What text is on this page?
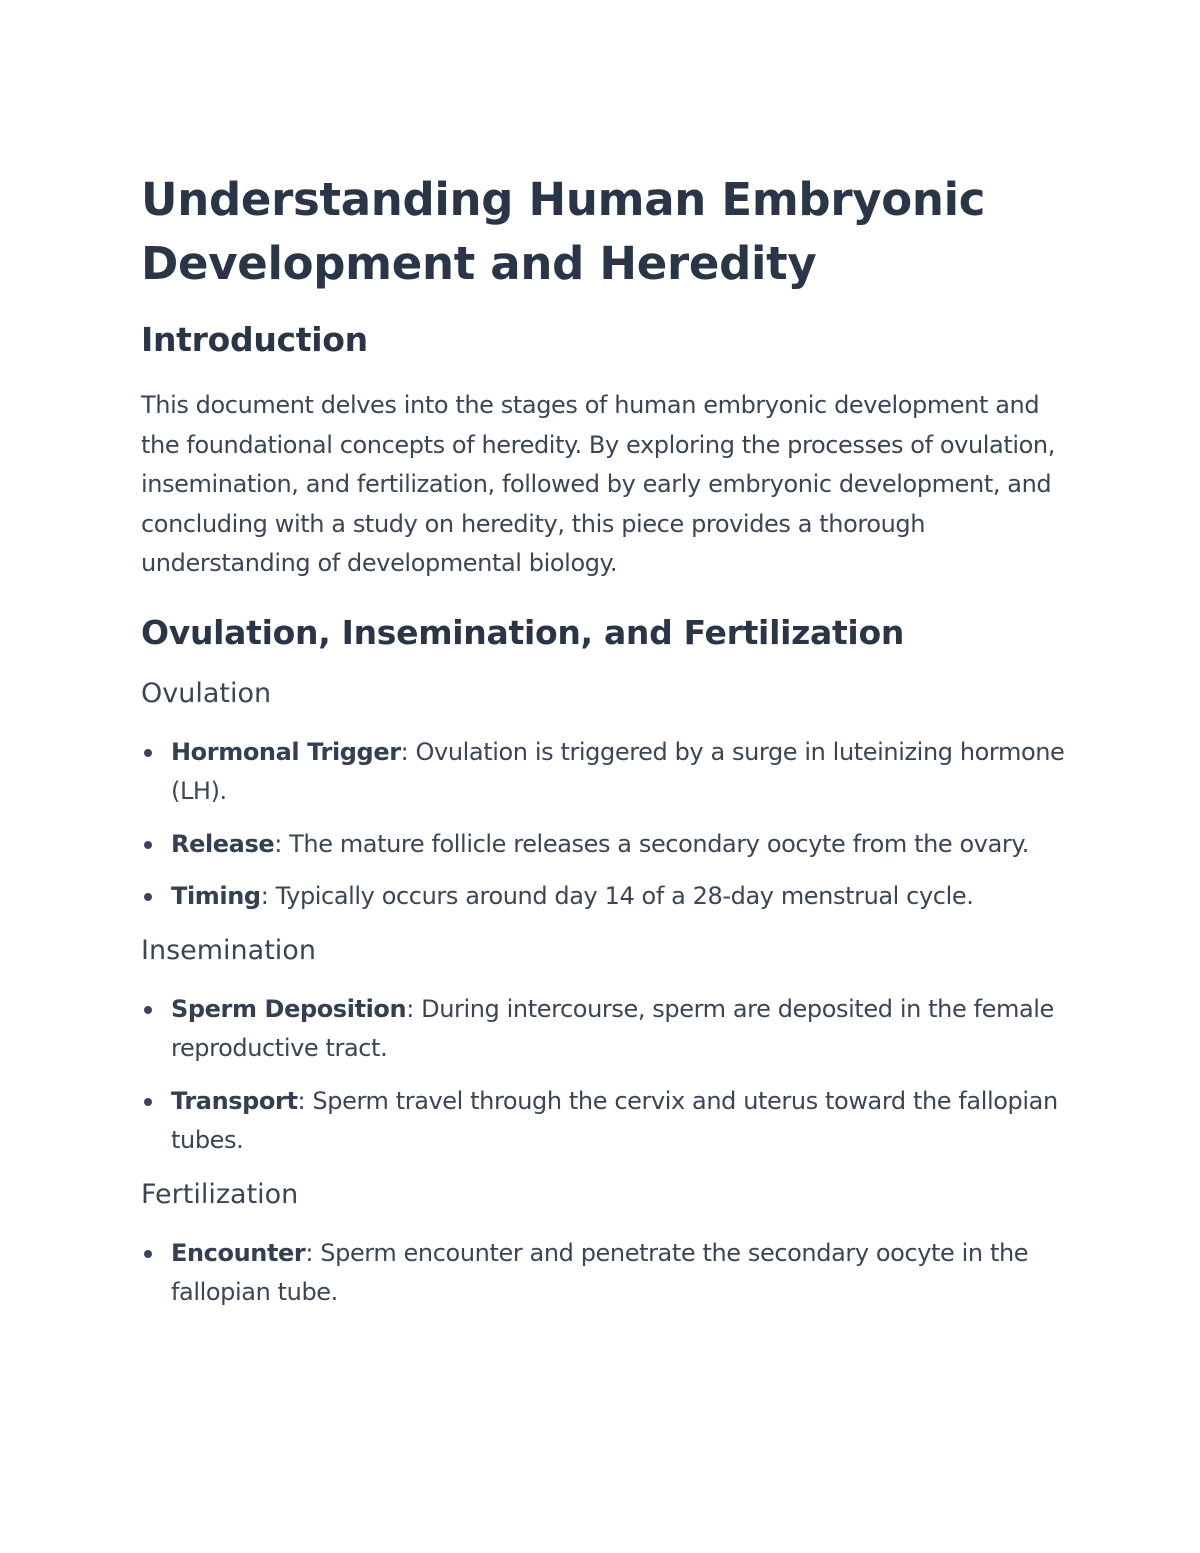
Understanding Human Embryonic Development and Heredity
Introduction

This document delves into the stages of human embryonic development and the foundational concepts of heredity. By exploring the processes of ovulation, insemination, and fertilization, followed by early embryonic development, and concluding with a study on heredity, this piece provides a thorough understanding of developmental biology.

Ovulation, Insemination, and Fertilization
Ovulation
Hormonal Trigger: Ovulation is triggered by a surge in luteinizing hormone (LH).
Release: The mature follicle releases a secondary oocyte from the ovary.
Timing: Typically occurs around day 14 of a 28-day menstrual cycle.
Insemination
Sperm Deposition: During intercourse, sperm are deposited in the female reproductive tract.
Transport: Sperm travel through the cervix and uterus toward the fallopian tubes.
Fertilization
Encounter: Sperm encounter and penetrate the secondary oocyte in the fallopian tube.
